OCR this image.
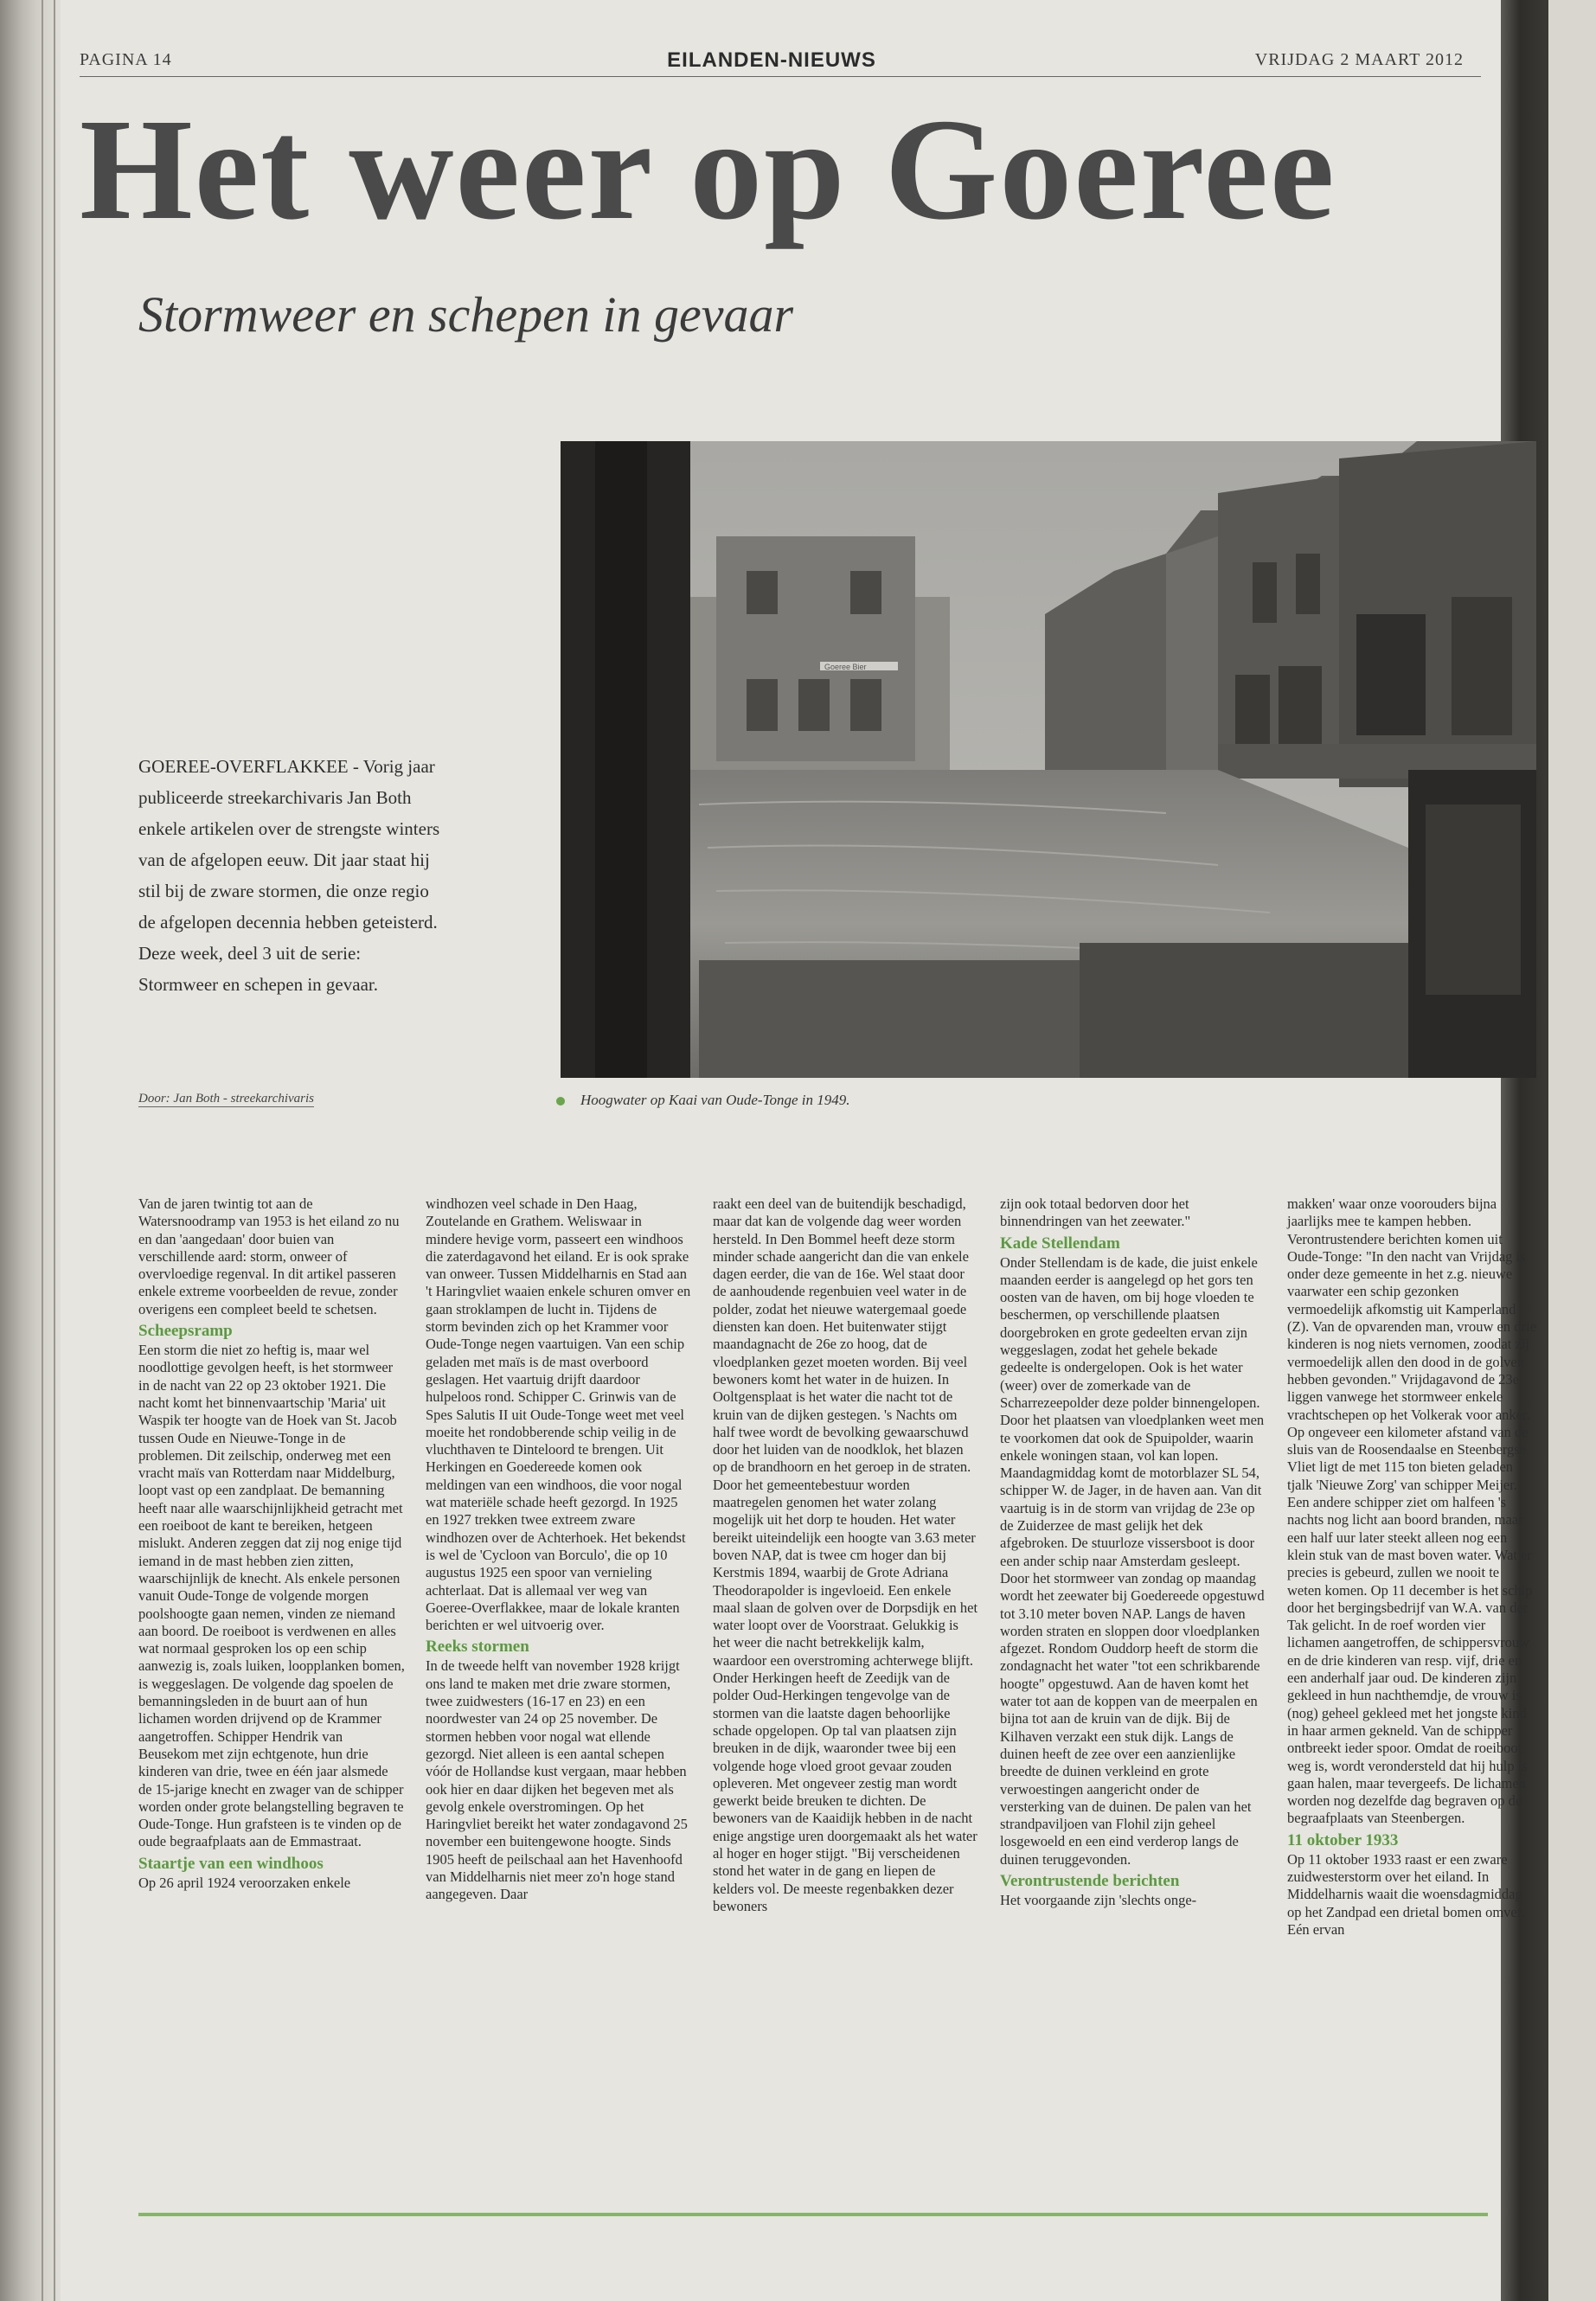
PAGINA 14	EILANDEN-NIEUWS	VRIJDAG 2 MAART 2012
Het weer op Goeree
Stormweer en schepen in gevaar
Goeree Bier
GOEREE-OVERFLAKKEE - Vorig jaar publiceerde streekarchivaris Jan Both enkele artikelen over de strengste winters van de afgelopen eeuw. Dit jaar staat hij stil bij de zware stormen, die onze regio de afgelopen decennia hebben geteisterd. Deze week, deel 3 uit de serie: Stormweer en schepen in gevaar.
Door: Jan Both - streekarchivaris	Hoogwater op Kaai van Oude-Tonge in 1949.

Van de jaren twintig tot aan de Watersnoodramp van 1953 is het eiland zo nu en dan 'aangedaan' door buien van verschillende aard: storm, onweer of overvloedige regenval. In dit artikel passeren enkele extreme voorbeelden de revue, zonder overigens een compleet beeld te schetsen.

Scheepsramp

Een storm die niet zo heftig is, maar wel noodlottige gevolgen heeft, is het stormweer in de nacht van 22 op 23 oktober 1921. Die nacht komt het binnenvaartschip 'Maria' uit Waspik ter hoogte van de Hoek van St. Jacob tussen Oude en Nieuwe-Tonge in de problemen. Dit zeilschip, onderweg met een vracht maïs van Rotterdam naar Middelburg, loopt vast op een zandplaat. De bemanning heeft naar alle waarschijnlijkheid getracht met een roeiboot de kant te bereiken, hetgeen mislukt. Anderen zeggen dat zij nog enige tijd iemand in de mast hebben zien zitten, waarschijnlijk de knecht. Als enkele personen vanuit Oude-Tonge de volgende morgen poolshoogte gaan nemen, vinden ze niemand aan boord. De roeiboot is verdwenen en alles wat normaal gesproken los op een schip aanwezig is, zoals luiken, loopplanken bomen, is weggeslagen. De volgende dag spoelen de bemanningsleden in de buurt aan of hun lichamen worden drijvend op de Krammer aangetroffen. Schipper Hendrik van Beusekom met zijn echtgenote, hun drie kinderen van drie, twee en één jaar alsmede de 15-jarige knecht en zwager van de schipper worden onder grote belangstelling begraven te Oude-Tonge. Hun grafsteen is te vinden op de oude begraafplaats aan de Emmastraat.

Staartje van een windhoos

Op 26 april 1924 veroorzaken enkele

windhozen veel schade in Den Haag, Zoutelande en Grathem. Weliswaar in mindere hevige vorm, passeert een windhoos die zaterdagavond het eiland. Er is ook sprake van onweer. Tussen Middelharnis en Stad aan 't Haringvliet waaien enkele schuren omver en gaan stroklampen de lucht in. Tijdens de storm bevinden zich op het Krammer voor Oude-Tonge negen vaartuigen. Van een schip geladen met maïs is de mast overboord geslagen. Het vaartuig drijft daardoor hulpeloos rond. Schipper C. Grinwis van de Spes Salutis II uit Oude-Tonge weet met veel moeite het rondobberende schip veilig in de vluchthaven te Dinteloord te brengen. Uit Herkingen en Goedereede komen ook meldingen van een windhoos, die voor nogal wat materiële schade heeft gezorgd. In 1925 en 1927 trekken twee extreem zware windhozen over de Achterhoek. Het bekendst is wel de 'Cycloon van Borculo', die op 10 augustus 1925 een spoor van vernieling achterlaat. Dat is allemaal ver weg van Goeree-Overflakkee, maar de lokale kranten berichten er wel uitvoerig over.

Reeks stormen

In de tweede helft van november 1928 krijgt ons land te maken met drie zware stormen, twee zuidwesters (16-17 en 23) en een noordwester van 24 op 25 november. De stormen hebben voor nogal wat ellende gezorgd. Niet alleen is een aantal schepen vóór de Hollandse kust vergaan, maar hebben ook hier en daar dijken het begeven met als gevolg enkele overstromingen. Op het Haringvliet bereikt het water zondagavond 25 november een buitengewone hoogte. Sinds 1905 heeft de peilschaal aan het Havenhoofd van Middelharnis niet meer zo'n hoge stand aangegeven. Daar

raakt een deel van de buitendijk beschadigd, maar dat kan de volgende dag weer worden hersteld. In Den Bommel heeft deze storm minder schade aangericht dan die van enkele dagen eerder, die van de 16e. Wel staat door de aanhoudende regenbuien veel water in de polder, zodat het nieuwe watergemaal goede diensten kan doen. Het buitenwater stijgt maandagnacht de 26e zo hoog, dat de vloedplanken gezet moeten worden. Bij veel bewoners komt het water in de huizen. In Ooltgensplaat is het water die nacht tot de kruin van de dijken gestegen. 's Nachts om half twee wordt de bevolking gewaarschuwd door het luiden van de noodklok, het blazen op de brandhoorn en het geroep in de straten. Door het gemeentebestuur worden maatregelen genomen het water zolang mogelijk uit het dorp te houden. Het water bereikt uiteindelijk een hoogte van 3.63 meter boven NAP, dat is twee cm hoger dan bij Kerstmis 1894, waarbij de Grote Adriana Theodorapolder is ingevloeid. Een enkele maal slaan de golven over de Dorpsdijk en het water loopt over de Voorstraat. Gelukkig is het weer die nacht betrekkelijk kalm, waardoor een overstroming achterwege blijft. Onder Herkingen heeft de Zeedijk van de polder Oud-Herkingen tengevolge van de stormen van die laatste dagen behoorlijke schade opgelopen. Op tal van plaatsen zijn breuken in de dijk, waaronder twee bij een volgende hoge vloed groot gevaar zouden opleveren. Met ongeveer zestig man wordt gewerkt beide breuken te dichten. De bewoners van de Kaaidijk hebben in de nacht enige angstige uren doorgemaakt als het water al hoger en hoger stijgt. "Bij verscheidenen stond het water in de gang en liepen de kelders vol. De meeste regenbakken dezer bewoners

zijn ook totaal bedorven door het binnendringen van het zeewater."

Kade Stellendam

Onder Stellendam is de kade, die juist enkele maanden eerder is aangelegd op het gors ten oosten van de haven, om bij hoge vloeden te beschermen, op verschillende plaatsen doorgebroken en grote gedeelten ervan zijn weggeslagen, zodat het gehele bekade gedeelte is ondergelopen. Ook is het water (weer) over de zomerkade van de Scharrezeepolder deze polder binnengelopen. Door het plaatsen van vloedplanken weet men te voorkomen dat ook de Spuipolder, waarin enkele woningen staan, vol kan lopen. Maandagmiddag komt de motorblazer SL 54, schipper W. de Jager, in de haven aan. Van dit vaartuig is in de storm van vrijdag de 23e op de Zuiderzee de mast gelijk het dek afgebroken. De stuurloze vissersboot is door een ander schip naar Amsterdam gesleept. Door het stormweer van zondag op maandag wordt het zeewater bij Goedereede opgestuwd tot 3.10 meter boven NAP. Langs de haven worden straten en sloppen door vloedplanken afgezet. Rondom Ouddorp heeft de storm die zondagnacht het water "tot een schrikbarende hoogte" opgestuwd. Aan de haven komt het water tot aan de koppen van de meerpalen en bijna tot aan de kruin van de dijk. Bij de Kilhaven verzakt een stuk dijk. Langs de duinen heeft de zee over een aanzienlijke breedte de duinen verkleind en grote verwoestingen aangericht onder de versterking van de duinen. De palen van het strandpaviljoen van Flohil zijn geheel losgewoeld en een eind verderop langs de duinen teruggevonden.

Verontrustende berichten

Het voorgaande zijn 'slechts onge-

makken' waar onze voorouders bijna jaarlijks mee te kampen hebben. Verontrustendere berichten komen uit Oude-Tonge: "In den nacht van Vrijdag is onder deze gemeente in het z.g. nieuwe vaarwater een schip gezonken vermoedelijk afkomstig uit Kamperland (Z). Van de opvarenden man, vrouw en drie kinderen is nog niets vernomen, zoodat zij vermoedelijk allen den dood in de golven hebben gevonden." Vrijdagavond de 23e liggen vanwege het stormweer enkele vrachtschepen op het Volkerak voor anker. Op ongeveer een kilometer afstand van de sluis van de Roosendaalse en Steenbergse Vliet ligt de met 115 ton bieten geladen tjalk 'Nieuwe Zorg' van schipper Meijer. Een andere schipper ziet om halfeen 's nachts nog licht aan boord branden, maar een half uur later steekt alleen nog een klein stuk van de mast boven water. Wat er precies is gebeurd, zullen we nooit te weten komen. Op 11 december is het schip door het bergingsbedrijf van W.A. van der Tak gelicht. In de roef worden vier lichamen aangetroffen, de schippersvrouw en de drie kinderen van resp. vijf, drie en een anderhalf jaar oud. De kinderen zijn gekleed in hun nachthemdje, de vrouw is (nog) geheel gekleed met het jongste kind in haar armen gekneld. Van de schipper ontbreekt ieder spoor. Omdat de roeiboot weg is, wordt verondersteld dat hij hulp is gaan halen, maar tevergeefs. De lichamen worden nog dezelfde dag begraven op de begraafplaats van Steenbergen.

11 oktober 1933

Op 11 oktober 1933 raast er een zware zuidwesterstorm over het eiland. In Middelharnis waait die woensdagmiddag op het Zandpad een drietal bomen omver. Eén ervan
